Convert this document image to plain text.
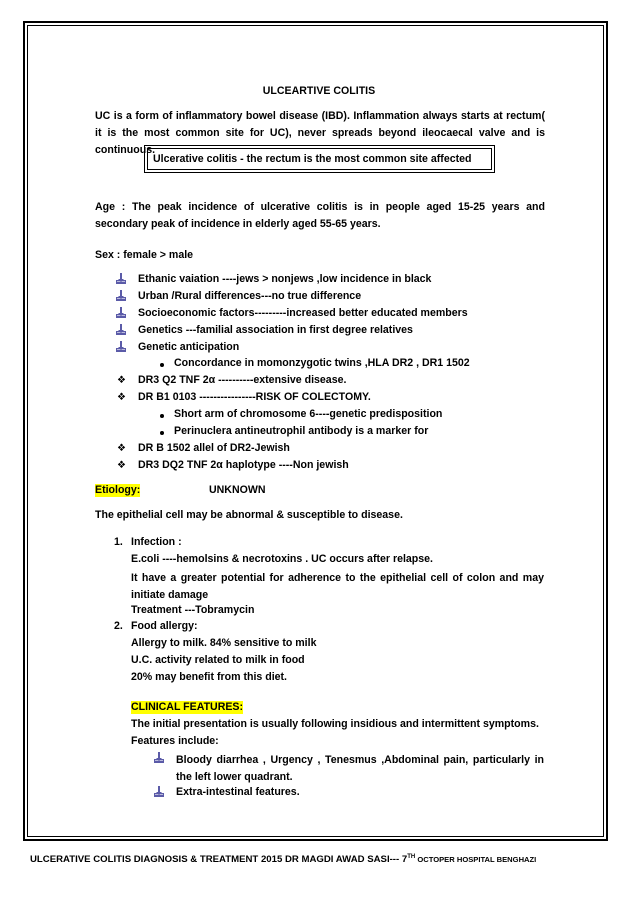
ULCEARTIVE COLITIS
UC is a form of inflammatory bowel disease (IBD). Inflammation always starts at rectum( it is the most common site for UC), never spreads beyond ileocaecal valve and is continuous.
Ulcerative colitis - the rectum is the most common site affected
Age : The peak incidence of ulcerative colitis is in people aged 15-25 years and secondary peak of incidence in elderly aged 55-65 years.
Sex : female > male
Ethanic vaiation ----jews > nonjews ,low incidence in black
Urban /Rural differences---no true difference
Socioeconomic factors---------increased better educated members
Genetics ---familial association in first degree relatives
Genetic anticipation
Concordance in momonzygotic twins ,HLA DR2 , DR1 1502
❖ DR3 Q2 TNF 2α ----------extensive disease.
❖ DR B1 0103 ----------------RISK OF COLECTOMY.
Short arm of chromosome 6----genetic predisposition
Perinuclera antineutrophil antibody is a marker for
❖ DR B 1502 allel of DR2-Jewish
❖ DR3 DQ2 TNF 2α haplotype ----Non jewish
Etiology:	UNKNOWN
The epithelial cell may be abnormal & susceptible to disease.
1. Infection :
E.coli ----hemolsins & necrotoxins . UC occurs after relapse.
It have a greater potential for adherence to the epithelial cell of colon and may initiate damage
Treatment ---Tobramycin
2. Food allergy:
Allergy to milk. 84% sensitive to milk
U.C. activity related to milk in food
20% may benefit from this diet.
CLINICAL FEATURES:
The initial presentation is usually following insidious and intermittent symptoms.
Features include:
Bloody diarrhea , Urgency , Tenesmus ,Abdominal pain, particularly in the left lower quadrant.
Extra-intestinal features.
ULCERATIVE COLITIS DIAGNOSIS & TREATMENT 2015 DR MAGDI AWAD SASI--- 7TH OCTOPER HOSPITAL BENGHAZI
